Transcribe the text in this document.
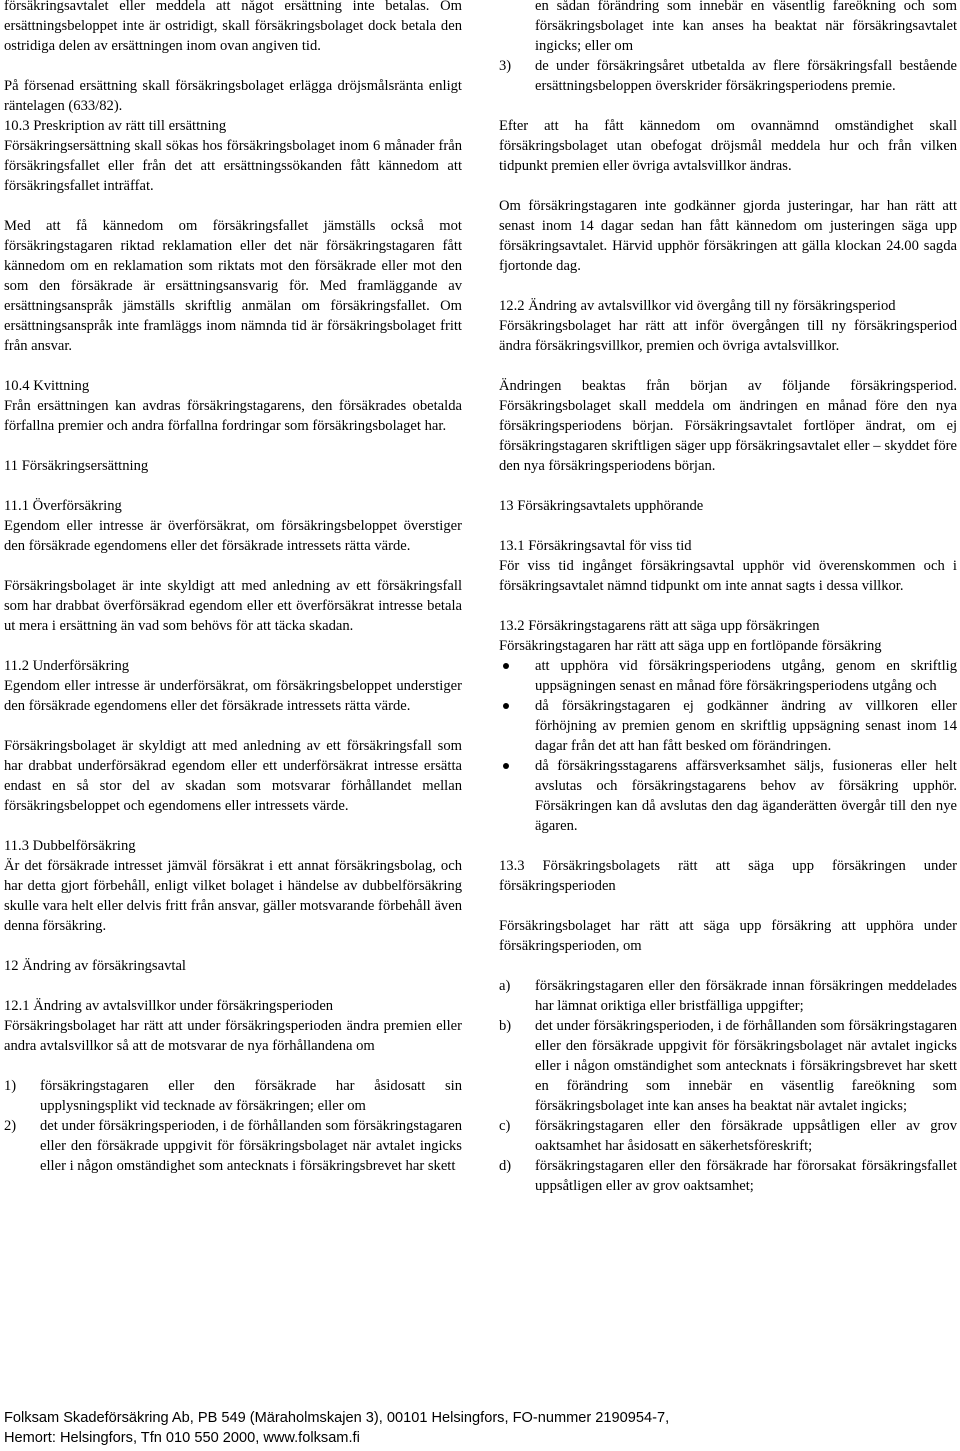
försäkringsavtalet eller meddela att något ersättning inte betalas. Om ersättningsbeloppet inte är ostridigt, skall försäkringsbolaget dock betala den ostridiga delen av ersättningen inom ovan angiven tid.

På försenad ersättning skall försäkringsbolaget erlägga dröjsmålsränta enligt räntelagen (633/82).

10.3 Preskription av rätt till ersättning

Försäkringsersättning skall sökas hos försäkringsbolaget inom 6 månader från försäkringsfallet eller från det att ersättningssökanden fått kännedom att försäkringsfallet inträffat.

Med att få kännedom om försäkringsfallet jämställs också mot försäkringstagaren riktad reklamation eller det när försäkringstagaren fått kännedom om en reklamation som riktats mot den försäkrade eller mot den som den försäkrade är ersättningsansvarig för. Med framläggande av ersättningsanspråk jämställs skriftlig anmälan om försäkringsfallet. Om ersättningsanspråk inte framläggs inom nämnda tid är försäkringsbolaget fritt från ansvar.

10.4 Kvittning

Från ersättningen kan avdras försäkringstagarens, den försäkrades obetalda förfallna premier och andra förfallna fordringar som försäkringsbolaget har.

11 Försäkringsersättning

11.1 Överförsäkring

Egendom eller intresse är överförsäkrat, om försäkringsbeloppet överstiger den försäkrade egendomens eller det försäkrade intressets rätta värde.

Försäkringsbolaget är inte skyldigt att med anledning av ett försäkringsfall som har drabbat överförsäkrad egendom eller ett överförsäkrat intresse betala ut mera i ersättning än vad som behövs för att täcka skadan.

11.2 Underförsäkring

Egendom eller intresse är underförsäkrat, om försäkringsbeloppet understiger den försäkrade egendomens eller det försäkrade intressets rätta värde.

Försäkringsbolaget är skyldigt att med anledning av ett försäkringsfall som har drabbat underförsäkrad egendom eller ett underförsäkrat intresse ersätta endast en så stor del av skadan som motsvarar förhållandet mellan försäkringsbeloppet och egendomens eller intressets värde.

11.3 Dubbelförsäkring

Är det försäkrade intresset jämväl försäkrat i ett annat försäkringsbolag, och har detta gjort förbehåll, enligt vilket bolaget i händelse av dubbelförsäkring skulle vara helt eller delvis fritt från ansvar, gäller motsvarande förbehåll även denna försäkring.

12 Ändring av försäkringsavtal

12.1 Ändring av avtalsvillkor under försäkringsperioden

Försäkringsbolaget har rätt att under försäkringsperioden ändra premien eller andra avtalsvillkor så att de motsvarar de nya förhållandena om

1)	försäkringstagaren eller den försäkrade har åsidosatt sin upplysningsplikt vid tecknade av försäkringen; eller om
2)	det under försäkringsperioden, i de förhållanden som försäkringstagaren eller den försäkrade uppgivit för försäkringsbolaget när avtalet ingicks eller i någon omständighet som antecknats i försäkringsbrevet har skett
en sådan förändring som innebär en väsentlig fareökning och som försäkringsbolaget inte kan anses ha beaktat när försäkringsavtalet ingicks; eller om
3)	de under försäkringsåret utbetalda av flere försäkringsfall bestående ersättningsbeloppen överskrider försäkringsperiodens premie.

Efter att ha fått kännedom om ovannämnd omständighet skall försäkringsbolaget utan obefogat dröjsmål meddela hur och från vilken tidpunkt premien eller övriga avtalsvillkor ändras.

Om försäkringstagaren inte godkänner gjorda justeringar, har han rätt att senast inom 14 dagar sedan han fått kännedom om justeringen säga upp försäkringsavtalet. Härvid upphör försäkringen att gälla klockan 24.00 sagda fjortonde dag.

12.2 Ändring av avtalsvillkor vid övergång till ny försäkringsperiod

Försäkringsbolaget har rätt att inför övergången till ny försäkringsperiod ändra försäkringsvillkor, premien och övriga avtalsvillkor.

Ändringen beaktas från början av följande försäkringsperiod. Försäkringsbolaget skall meddela om ändringen en månad före den nya försäkringsperiodens början. Försäkringsavtalet fortlöper ändrat, om ej försäkringstagaren skriftligen säger upp försäkringsavtalet eller – skyddet före den nya försäkringsperiodens början.

13 Försäkringsavtalets upphörande

13.1 Försäkringsavtal för viss tid

För viss tid ingånget försäkringsavtal upphör vid överenskommen och i försäkringsavtalet nämnd tidpunkt om inte annat sagts i dessa villkor.

13.2 Försäkringstagarens rätt att säga upp försäkringen

Försäkringstagaren har rätt att säga upp en fortlöpande försäkring

att upphöra vid försäkringsperiodens utgång, genom en skriftlig uppsägningen senast en månad före försäkringsperiodens utgång och
då försäkringstagaren ej godkänner ändring av villkoren eller förhöjning av premien genom en skriftlig uppsägning senast inom 14 dagar från det att han fått besked om förändringen.
då försäkringsstagarens affärsverksamhet säljs, fusioneras eller helt avslutas och försäkringstagarens behov av försäkring upphör. Försäkringen kan då avslutas den dag äganderätten övergår till den nye ägaren.

13.3 Försäkringsbolagets rätt att säga upp försäkringen under försäkringsperioden

Försäkringsbolaget har rätt att säga upp försäkring att upphöra under försäkringsperioden, om

a)	försäkringstagaren eller den försäkrade innan försäkringen meddelades har lämnat oriktiga eller bristfälliga uppgifter;
b)	det under försäkringsperioden, i de förhållanden som försäkringstagaren eller den försäkrade uppgivit för försäkringsbolaget när avtalet ingicks eller i någon omständighet som antecknats i försäkringsbrevet har skett en förändring som innebär en väsentlig fareökning som försäkringsbolaget inte kan anses ha beaktat när avtalet ingicks;
c)	försäkringstagaren eller den försäkrade uppsåtligen eller av grov oaktsamhet har åsidosatt en säkerhetsföreskrift;
d)	försäkringstagaren eller den försäkrade har förorsakat försäkringsfallet uppsåtligen eller av grov oaktsamhet;
Folksam Skadeförsäkring Ab, PB 549 (Märaholmskajen 3), 00101 Helsingfors, FO-nummer 2190954-7,
Hemort: Helsingfors, Tfn 010 550 2000, www.folksam.fi
